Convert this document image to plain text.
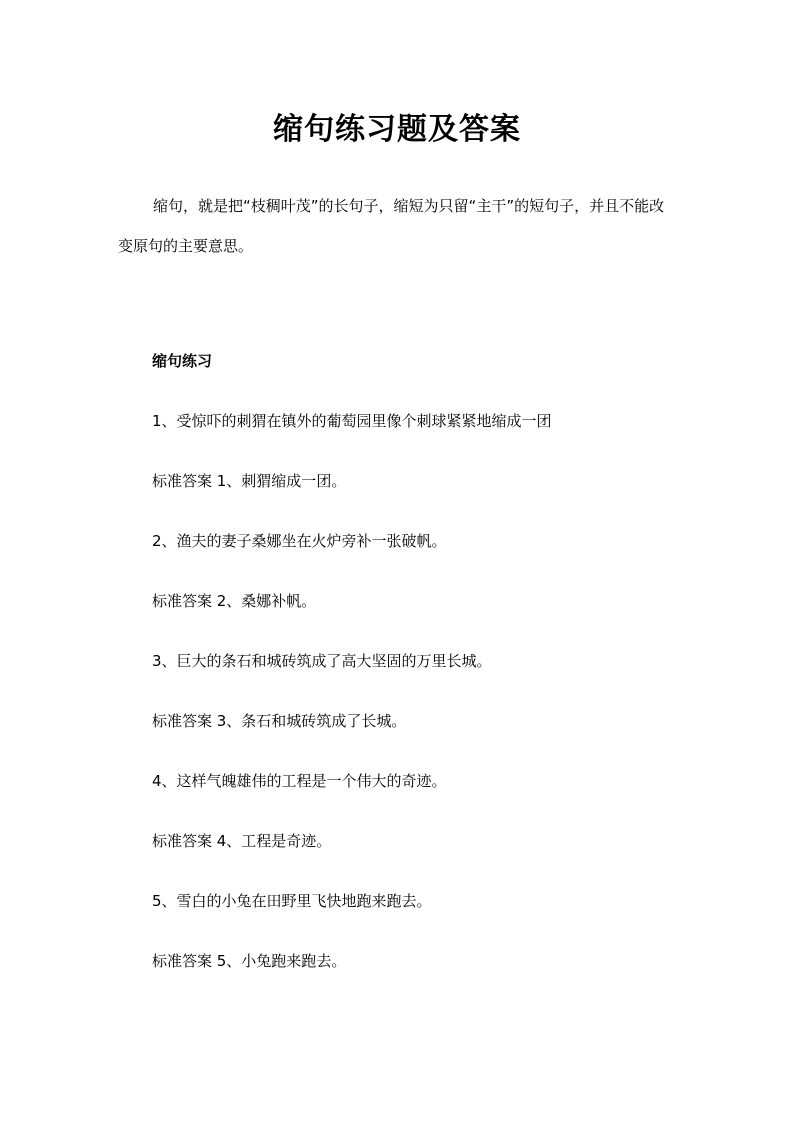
缩句练习题及答案
缩句，就是把“枝稠叶茂”的长句子，缩短为只留“主干”的短句子，并且不能改变原句的主要意思。
缩句练习
1、受惊吓的刺猬在镇外的葡萄园里像个刺球紧紧地缩成一团
标准答案 1、刺猬缩成一团。
2、渔夫的妻子桑娜坐在火炉旁补一张破帆。
标准答案 2、桑娜补帆。
3、巨大的条石和城砖筑成了高大坚固的万里长城。
标准答案 3、条石和城砖筑成了长城。
4、这样气魄雄伟的工程是一个伟大的奇迹。
标准答案 4、工程是奇迹。
5、雪白的小兔在田野里飞快地跑来跑去。
标准答案 5、小兔跑来跑去。
